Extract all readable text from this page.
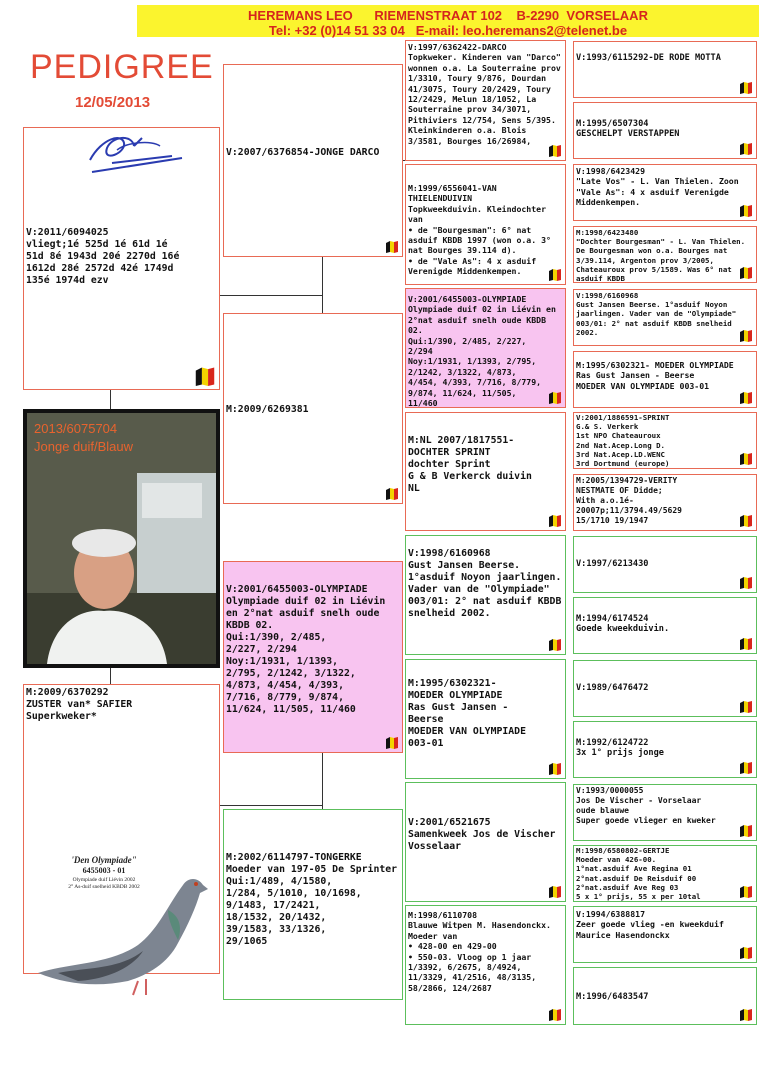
HEREMANS LEO      RIEMENSTRAAT 102    B-2290  VORSELAAR
Tel: +32 (0)14 51 33 04   E-mail: leo.heremans2@telenet.be
PEDIGREE
12/05/2013
V:2011/6094025
vliegt;1é 525d 1é 61d 1é
51d 8é 1943d 20é 2270d 16é
1612d 28é 2572d 42é 1749d
135é 1974d ezv
2013/6075704
Jonge duif/Blauw
M:2009/6370292
ZUSTER van* SAFIER
Superkweker*
'Den Olympiade"
6455003 - 01
Olympiade duif Liévin 2002
2° As-duif snelheid KBDB 2002
V:2007/6376854-JONGE DARCO
M:2009/6269381
V:2001/6455003-OLYMPIADE
Olympiade duif 02 in Liévin en 2°nat asduif snelh oude KBDB 02.
Qui:1/390, 2/485,
2/227, 2/294
Noy:1/1931, 1/1393,
2/795, 2/1242, 3/1322,
4/873, 4/454, 4/393,
7/716, 8/779, 9/874,
11/624, 11/505, 11/460
M:2002/6114797-TONGERKE
Moeder van 197-05 De Sprinter
Qui:1/489, 4/1580,
1/284, 5/1010, 10/1698,
9/1483, 17/2421,
18/1532, 20/1432,
39/1583, 33/1326,
29/1065
V:1997/6362422-DARCO
Topkweker. Kinderen van "Darco" wonnen o.a. La Souterraine prov 1/3310, Toury 9/876, Dourdan 41/3075, Toury 20/2429, Toury 12/2429, Melun 18/1052, La Souterraine prov 34/3071, Pithiviers 12/754, Sens 5/395. Kleinkinderen o.a. Blois 3/3581, Bourges 16/26984,
M:1999/6556041-VAN THIELENDUIVIN
Topkweekduivin. Kleindochter van
• de "Bourgesman": 6° nat asduif KBDB 1997 (won o.a. 3° nat Bourges 39.114 d).
• de "Vale As": 4 x asduif Verenigde Middenkempen.
V:2001/6455003-OLYMPIADE
Olympiade duif 02 in Liévin en 2°nat asduif snelh oude KBDB 02.
Qui:1/390, 2/485, 2/227,
2/294
Noy:1/1931, 1/1393, 2/795,
2/1242, 3/1322, 4/873,
4/454, 4/393, 7/716, 8/779,
9/874, 11/624, 11/505,
11/460
M:NL 2007/1817551-
DOCHTER SPRINT
dochter Sprint
G & B Verkerck duivin
NL
V:1998/6160968
Gust Jansen Beerse.
1°asduif Noyon jaarlingen. Vader van de "Olympiade" 003/01: 2° nat asduif KBDB snelheid 2002.
M:1995/6302321-
MOEDER OLYMPIADE
Ras Gust Jansen -
Beerse
MOEDER VAN OLYMPIADE
003-01
V:2001/6521675
Samenkweek Jos de Vischer
Vosselaar
M:1998/6110708
Blauwe Witpen M. Hasendonckx. Moeder van
• 428-00 en 429-00
• 550-03. Vloog op 1 jaar 1/3392, 6/2675, 8/4924, 11/3329, 41/2516, 48/3135, 58/2866, 124/2687
V:1993/6115292-DE RODE MOTTA
M:1995/6507304
GESCHELPT VERSTAPPEN
V:1998/6423429
"Late Vos" - L. Van Thielen. Zoon "Vale As": 4 x asduif Verenigde Middenkempen.
M:1998/6423480
"Dochter Bourgesman" - L. Van Thielen. De Bourgesman won o.a. Bourges nat 3/39.114, Argenton prov 3/2005, Chateauroux prov 5/1589. Was 6° nat asduif KBDB
V:1998/6160968
Gust Jansen Beerse. 1°asduif Noyon jaarlingen. Vader van de "Olympiade" 003/01: 2° nat asduif KBDB snelheid 2002.
M:1995/6302321- MOEDER OLYMPIADE
Ras Gust Jansen - Beerse
MOEDER VAN OLYMPIADE 003-01
V:2001/1886591-SPRINT
G.& S. Verkerk
1st NPO Chateauroux
2nd Nat.Acep.Long D.
3rd Nat.Acep.LD.WENC
3rd Dortmund (europe)
M:2005/1394729-VERITY
NESTMATE OF Didde;
With a.o.1é-
20007p;11/3794.49/5629
15/1710 19/1947
V:1997/6213430
M:1994/6174524
Goede kweekduivin.
V:1989/6476472
M:1992/6124722
3x 1° prijs jonge
V:1993/0000055
Jos De Vischer - Vorselaar
oude blauwe
Super goede vlieger en kweker
M:1998/6580802-GERTJE
Moeder van 426-00.
1°nat.asduif Ave Regina 01
2°nat.asduif De Reisduif 00
2°nat.asduif Ave Reg 03
5 x 1° prijs, 55 x per 10tal
V:1994/6388817
Zeer goede vlieg -en kweekduif Maurice Hasendonckx
M:1996/6483547
